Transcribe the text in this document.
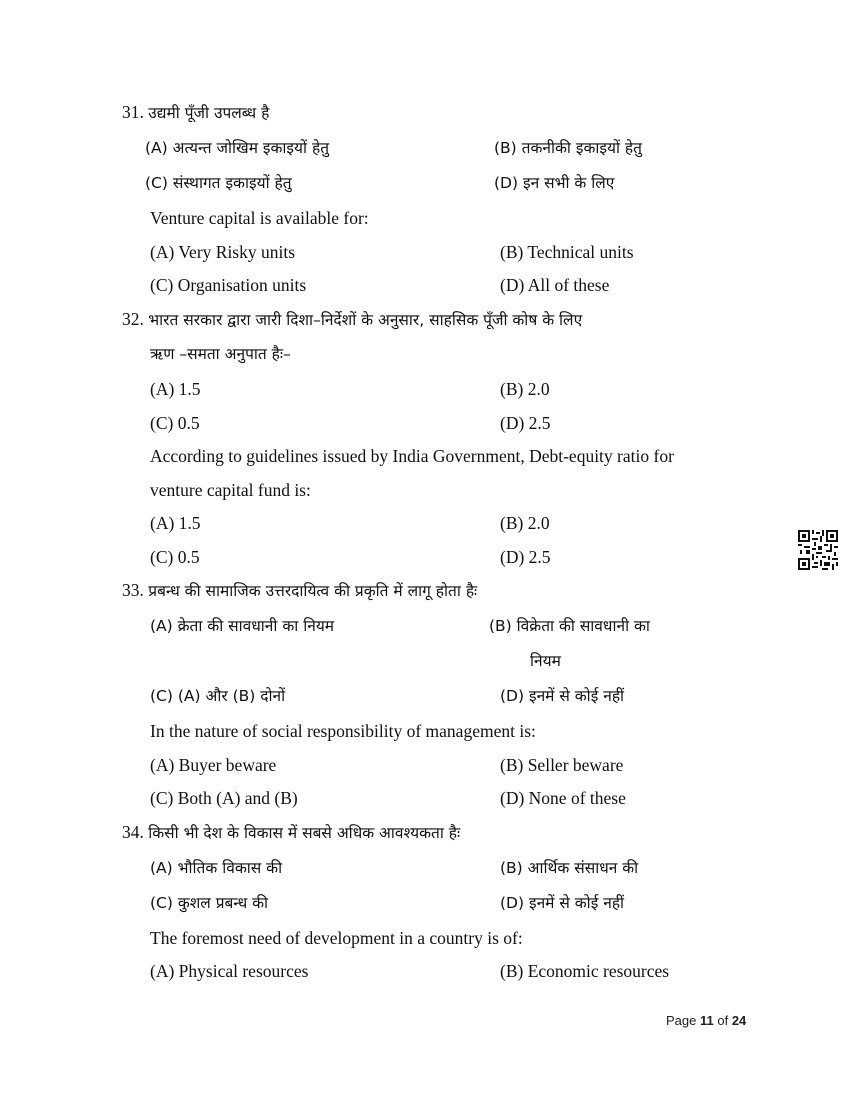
31. उद्यमी पूँजी उपलब्ध है
(A) अत्यन्त जोखिम इकाइयों हेतु	(B) तकनीकी इकाइयों हेतु
(C) संस्थागत इकाइयों हेतु	(D) इन सभी के लिए
Venture capital is available for:
(A) Very Risky units	(B) Technical units
(C) Organisation units	(D) All of these
32. भारत सरकार द्वारा जारी दिशा–निर्देशों के अनुसार, साहसिक पूँजी कोष के लिए
ऋण –समता अनुपात हैः–
(A) 1.5	(B) 2.0
(C) 0.5	(D) 2.5
According to guidelines issued by India Government, Debt-equity ratio for
venture capital fund is:
(A) 1.5	(B) 2.0
(C) 0.5	(D) 2.5
33. प्रबन्ध की सामाजिक उत्तरदायित्व की प्रकृति में लागू होता हैः
(A) क्रेता की सावधानी का नियम	(B) विक्रेता की सावधानी का
नियम
(C) (A) और (B) दोनों	(D) इनमें से कोई नहीं
In the nature of social responsibility of management is:
(A) Buyer beware	(B) Seller beware
(C) Both (A) and (B)	(D) None of these
34. किसी भी देश के विकास में सबसे अधिक आवश्यकता हैः
(A) भौतिक विकास की	(B) आर्थिक संसाधन की
(C) कुशल प्रबन्ध की	(D) इनमें से कोई नहीं
The foremost need of development in a country is of:
(A) Physical resources	(B) Economic resources
Page 11 of 24
